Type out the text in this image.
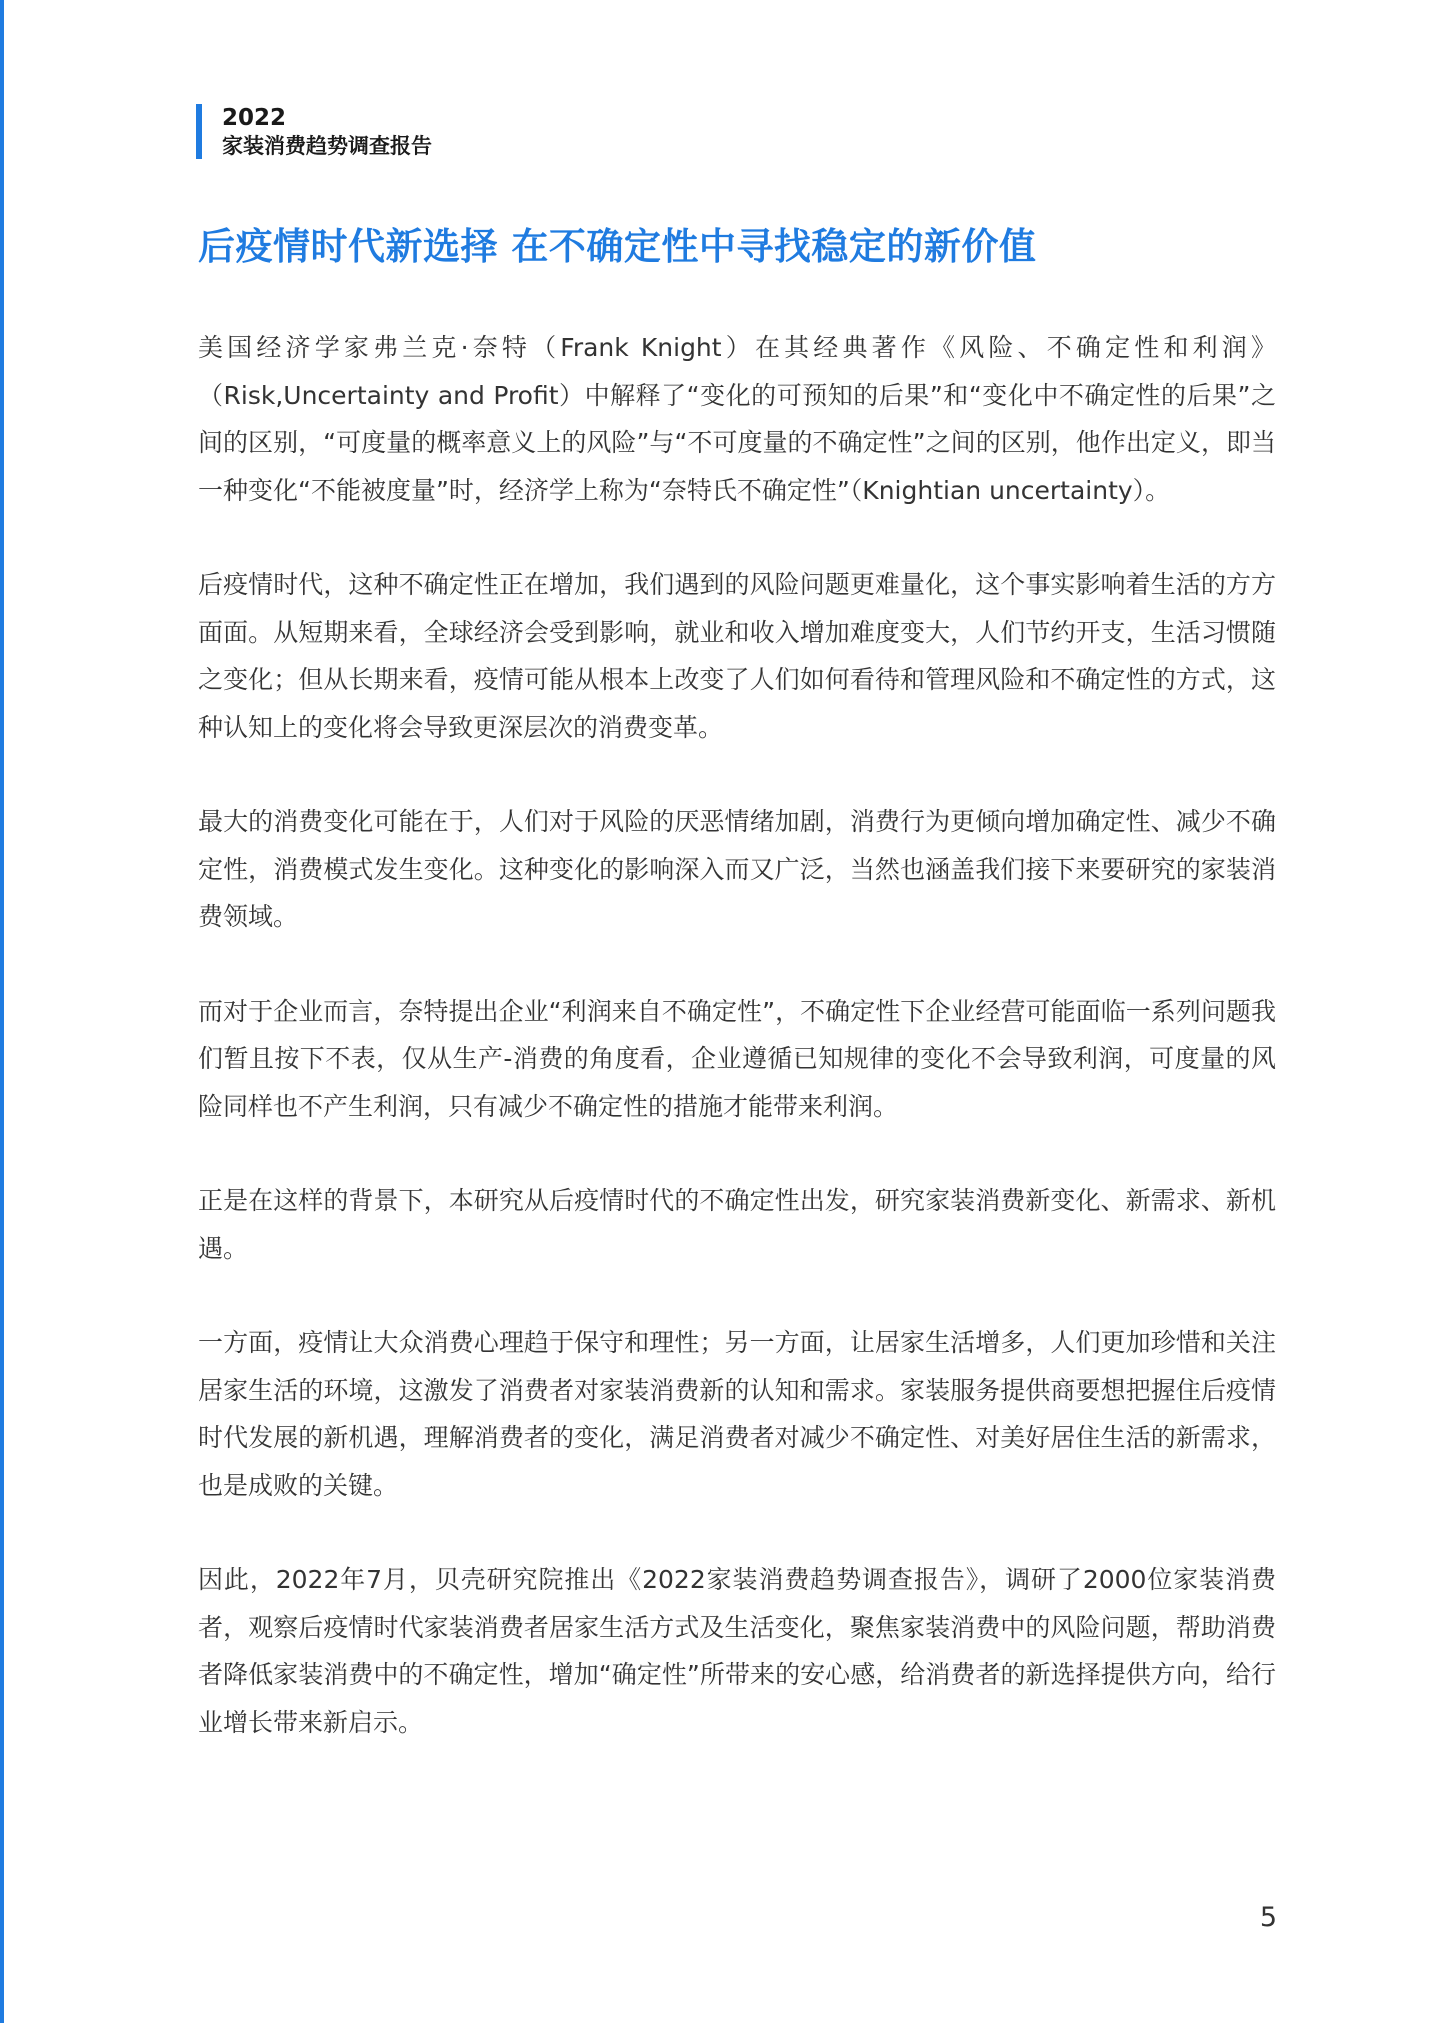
2022
家装消费趋势调查报告
后疫情时代新选择 在不确定性中寻找稳定的新价值

美国经济学家弗兰克·奈特（Frank Knight）在其经典著作《风险、不确定性和利润》（Risk,Uncertainty and Profit）中解释了“变化的可预知的后果”和“变化中不确定性的后果”之间的区别，“可度量的概率意义上的风险”与“不可度量的不确定性”之间的区别，他作出定义，即当一种变化“不能被度量”时，经济学上称为“奈特氏不确定性”（Knightian uncertainty）。

后疫情时代，这种不确定性正在增加，我们遇到的风险问题更难量化，这个事实影响着生活的方方面面。从短期来看，全球经济会受到影响，就业和收入增加难度变大，人们节约开支，生活习惯随之变化；但从长期来看，疫情可能从根本上改变了人们如何看待和管理风险和不确定性的方式，这种认知上的变化将会导致更深层次的消费变革。

最大的消费变化可能在于，人们对于风险的厌恶情绪加剧，消费行为更倾向增加确定性、减少不确定性，消费模式发生变化。这种变化的影响深入而又广泛，当然也涵盖我们接下来要研究的家装消费领域。

而对于企业而言，奈特提出企业“利润来自不确定性”，不确定性下企业经营可能面临一系列问题我们暂且按下不表，仅从生产-消费的角度看，企业遵循已知规律的变化不会导致利润，可度量的风险同样也不产生利润，只有减少不确定性的措施才能带来利润。

正是在这样的背景下，本研究从后疫情时代的不确定性出发，研究家装消费新变化、新需求、新机遇。

一方面，疫情让大众消费心理趋于保守和理性；另一方面，让居家生活增多，人们更加珍惜和关注居家生活的环境，这激发了消费者对家装消费新的认知和需求。家装服务提供商要想把握住后疫情时代发展的新机遇，理解消费者的变化，满足消费者对减少不确定性、对美好居住生活的新需求，也是成败的关键。

因此，2022年7月，贝壳研究院推出《2022家装消费趋势调查报告》，调研了2000位家装消费者，观察后疫情时代家装消费者居家生活方式及生活变化，聚焦家装消费中的风险问题，帮助消费者降低家装消费中的不确定性，增加“确定性”所带来的安心感，给消费者的新选择提供方向，给行业增长带来新启示。

5
